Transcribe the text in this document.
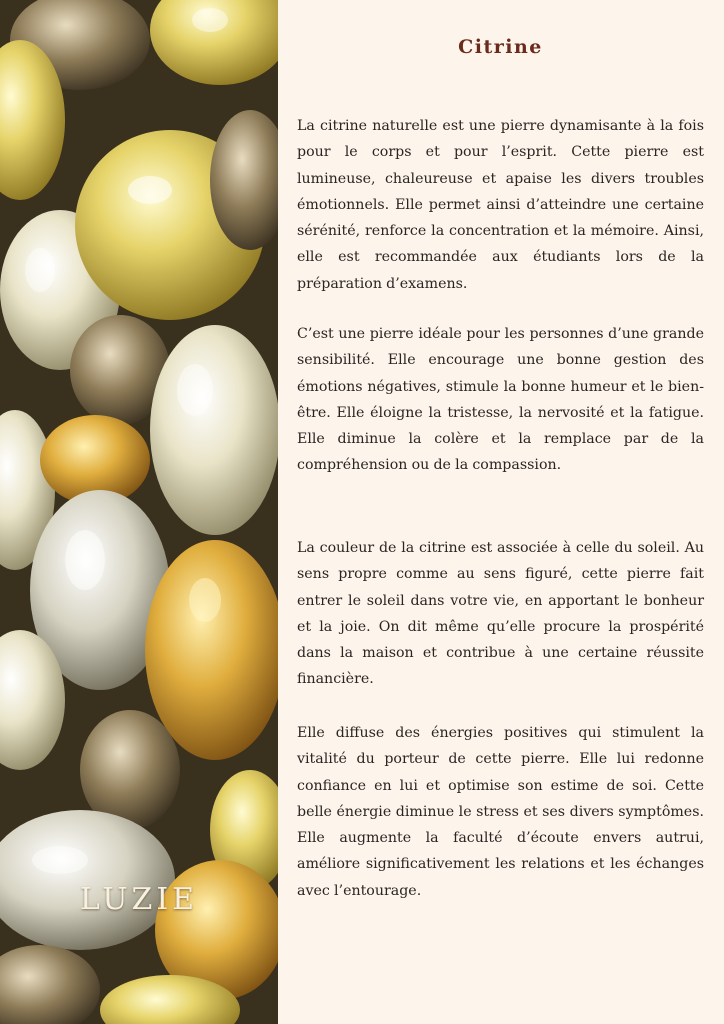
LUZIE
Citrine

La citrine naturelle est une pierre dynamisante à la fois pour le corps et pour l’esprit. Cette pierre est lumineuse, chaleureuse et apaise les divers troubles émotionnels. Elle permet ainsi d’atteindre une certaine sérénité, renforce la concentration et la mémoire. Ainsi, elle est recommandée aux étudiants lors de la préparation d’examens.

C’est une pierre idéale pour les personnes d’une grande sensibilité. Elle encourage une bonne gestion des émotions négatives, stimule la bonne humeur et le bien-être. Elle éloigne la tristesse, la nervosité et la fatigue. Elle diminue la colère et la remplace par de la compréhension ou de la compassion.

La couleur de la citrine est associée à celle du soleil. Au sens propre comme au sens figuré, cette pierre fait entrer le soleil dans votre vie, en apportant le bonheur et la joie. On dit même qu’elle procure la prospérité dans la maison et contribue à une certaine réussite financière.

Elle diffuse des énergies positives qui stimulent la vitalité du porteur de cette pierre. Elle lui redonne confiance en lui et optimise son estime de soi. Cette belle énergie diminue le stress et ses divers symptômes. Elle augmente la faculté d’écoute envers autrui, améliore significativement les relations et les échanges avec l’entourage.
